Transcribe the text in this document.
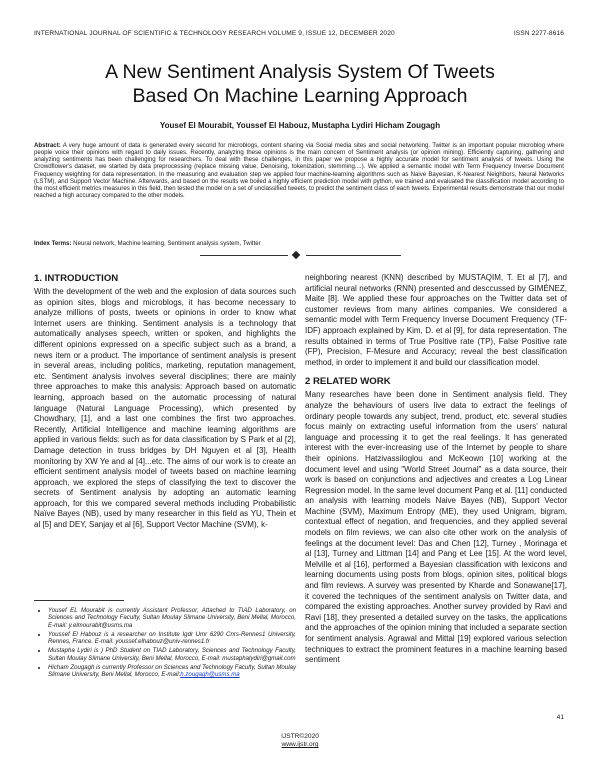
INTERNATIONAL JOURNAL OF SCIENTIFIC & TECHNOLOGY RESEARCH VOLUME 9, ISSUE 12, DECEMBER 2020	ISSN 2277-8616
A New Sentiment Analysis System Of Tweets
Based On Machine Learning Approach
Yousef El Mourabit, Youssef El Habouz, Mustapha Lydiri Hicham Zougagh
Abstract: A very huge amount of data is generated every second for microblogs, content sharing via Social media sites and social networking. Twitter is an important popular microblog where people voice their opinions with regard to daily issues. Recently, analyzing these opinions is the main concern of Sentiment analysis (or opinion mining). Efficiently capturing, gathering and analyzing sentiments has been challenging for researchers. To deal with these challenges, in this paper we propose a highly accurate model for sentiment analysis of tweets. Using the Crowdflower's dataset, we started by data preprocessing (replace missing value, Denoising, tokenization, stemming....). We applied a semantic model with Term Frequency Inverse Document Frequency weighting for data representation. In the measuring and evaluation step we applied four machine-learning algorithms such as Naive Bayesian, K-Nearest Neighbors, Neural Networks (LSTM), and Support Vector Machine. Afterwards, and based on the results we boiled a highly efficient prediction model with python, we trained and evaluated the classification model according to the most efficient metrics measures in this field, then tested the model on a set of unclassified tweets, to predict the sentiment class of each tweets. Experimental results demonstrate that our model reached a high accuracy compared to the other models.
Index Terms: Neural network, Machine learning, Sentiment analysis system, Twitter
1. INTRODUCTION

With the development of the web and the explosion of data sources such as opinion sites, blogs and microblogs, it has become necessary to analyze millions of posts, tweets or opinions in order to know what Internet users are thinking. Sentiment analysis is a technology that automatically analyses speech, written or spoken, and highlights the different opinions expressed on a specific subject such as a brand, a news item or a product. The importance of sentiment analysis is present in several areas, including politics, marketing, reputation management, etc. Sentiment analysis involves several disciplines; there are mainly three approaches to make this analysis: Approach based on automatic learning, approach based on the automatic processing of natural language (Natural Language Processing), which presented by Chowdhary, [1], and a last one combines the first two approaches. Recently, Artificial Intelligence and machine learning algorithms are applied in various fields: such as for data classification by S Park et al [2], Damage detection in truss bridges by DH Nguyen et al [3], Health monitoring by XW Ye and al [4]...etc. The aims of our work is to create an efficient sentiment analysis model of tweets based on machine learning approach, we explored the steps of classifying the text to discover the secrets of Sentiment analysis by adopting an automatic learning approach, for this we compared several methods including Probabilistic Naïve Bayes (NB), used by many researcher in this field as YU, Thein et al [5] and DEY, Sanjay et al [6], Support Vector Machine (SVM), k-

neighboring nearest (KNN) described by MUSTAQIM, T. Et al [7], and artificial neural networks (RNN) presented and desccussed by GIMÉNEZ, Maite [8]. We applied these four approaches on the Twitter data set of customer reviews from many airlines companies. We considered a semantic model with Term Frequency Inverse Document Frequency (TF-IDF) approach explained by Kim, D. et al [9], for data representation. The results obtained in terms of True Positive rate (TP), False Positive rate (FP), Precision, F-Mesure and Accuracy; reveal the best classification method, in order to implement it and build our classification model.

2 RELATED WORK

Many researches have been done in Sentiment analysis field. They analyze the behaviours of users live data to extract the feelings of ordinary people towards any subject, trend, product, etc. several studies focus mainly on extracting useful information from the users' natural language and processing it to get the real feelings. It has generated interest with the ever-increasing use of the Internet by people to share their opinions. Hatzivassiloglou and McKeown [10] working at the document level and using "World Street Journal" as a data source, their work is based on conjunctions and adjectives and creates a Log Linear Regression model. In the same level document Pang et al. [11] conducted an analysis with learning models Naive Bayes (NB), Support Vector Machine (SVM), Maximum Entropy (ME), they used Unigram, bigram, contextual effect of negation, and frequencies, and they applied several models on film reviews, we can also cite other work on the analysis of feelings at the document level: Das and Chen [12], Turney , Morinaga et al [13], Turney and Littman [14] and Pang et Lee [15]. At the word level, Melville et al [16], performed a Bayesian classification with lexicons and learning documents using posts from blogs, opinion sites, political blogs and film reviews. A survey was presented by Kharde and Sonawane[17], it covered the techniques of the sentiment analysis on Twitter data, and compared the existing approaches. Another survey provided by Ravi and Ravi [18], they presented a detailed survey on the tasks, the applications and the approaches of the opinion mining that included a separate section for sentiment analysis. Agrawal and Mittal [19] explored various selection techniques to extract the prominent features in a machine learning based sentiment

• Yousef EL Mourabit is currently Assistant Professor, Attached to TIAD Laboratory, on Sciences and Technology Faculty, Sultan Moulay Slimane University, Beni Mellal, Morocco, E-mail: y.elmourabit@usms.ma
• Youssef El Habouz is a researcher on Institute Igdr Umr 6290 Cnrs-Rennes1 University, Rennes, France. E-mail: youssef.elhabouz@univ-rennes1.fr
• Mustapha Lydiri is ) PhD Student on TIAD Laboratory, Sciences and Technology Faculty, Sultan Moulay Slimane University, Beni Mellal, Morocco, E-mail: mustaphalydiri@gmail.com
• Hicham Zougagh is currently Professor on Sciences and Technology Faculty, Sultan Moulay Slimane University, Beni Mellal, Morocco, E-mail:h.zougagh@usms.ma
41
IJSTR©2020
www.ijstr.org
